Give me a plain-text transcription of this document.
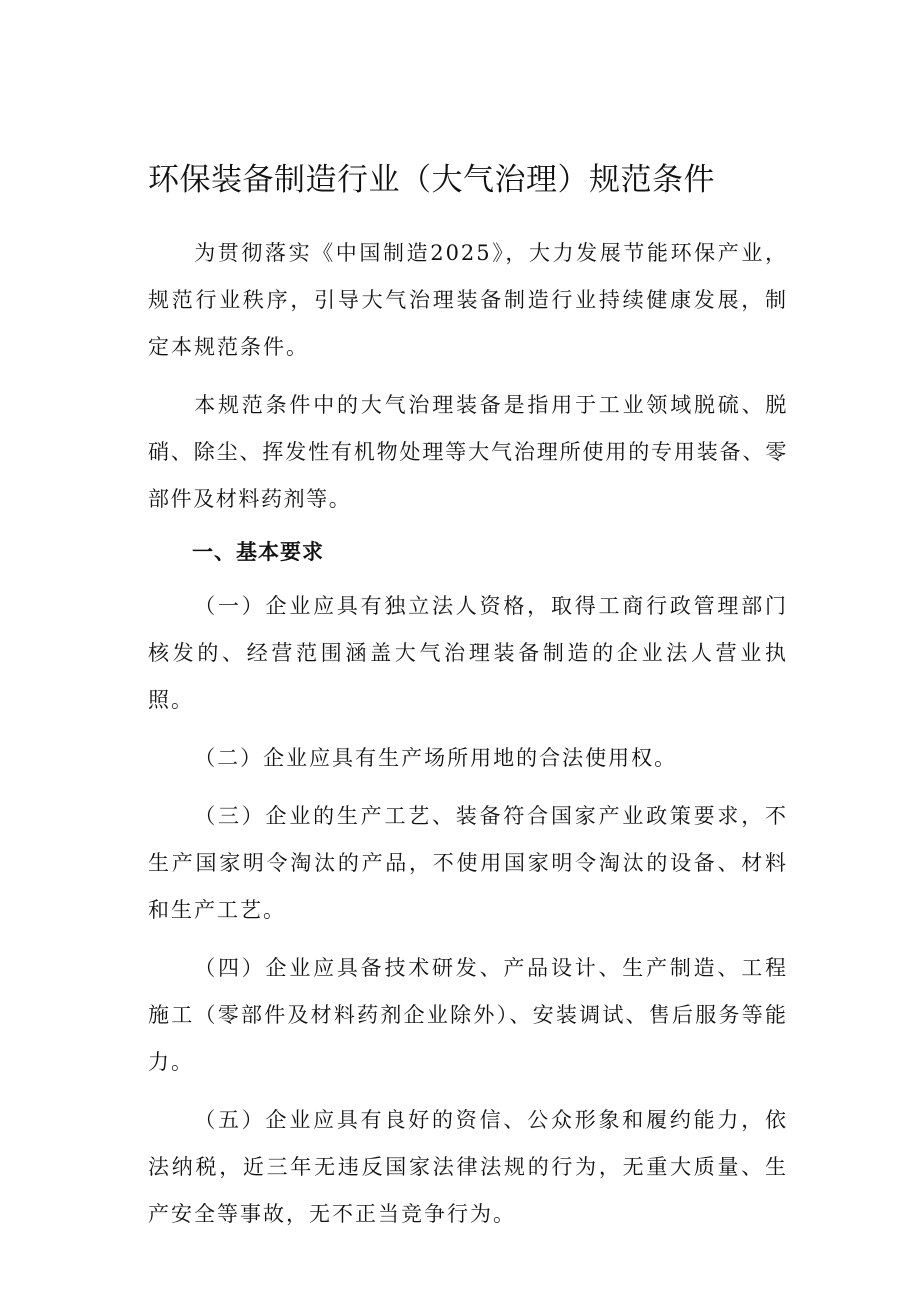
环保装备制造行业（大气治理）规范条件

为贯彻落实《中国制造2025》，大力发展节能环保产业，规范行业秩序，引导大气治理装备制造行业持续健康发展，制定本规范条件。

本规范条件中的大气治理装备是指用于工业领域脱硫、脱硝、除尘、挥发性有机物处理等大气治理所使用的专用装备、零部件及材料药剂等。

一、基本要求

（一）企业应具有独立法人资格，取得工商行政管理部门核发的、经营范围涵盖大气治理装备制造的企业法人营业执照。

（二）企业应具有生产场所用地的合法使用权。

（三）企业的生产工艺、装备符合国家产业政策要求，不生产国家明令淘汰的产品，不使用国家明令淘汰的设备、材料和生产工艺。

（四）企业应具备技术研发、产品设计、生产制造、工程施工（零部件及材料药剂企业除外）、安装调试、售后服务等能力。

（五）企业应具有良好的资信、公众形象和履约能力，依法纳税，近三年无违反国家法律法规的行为，无重大质量、生产安全等事故，无不正当竞争行为。
